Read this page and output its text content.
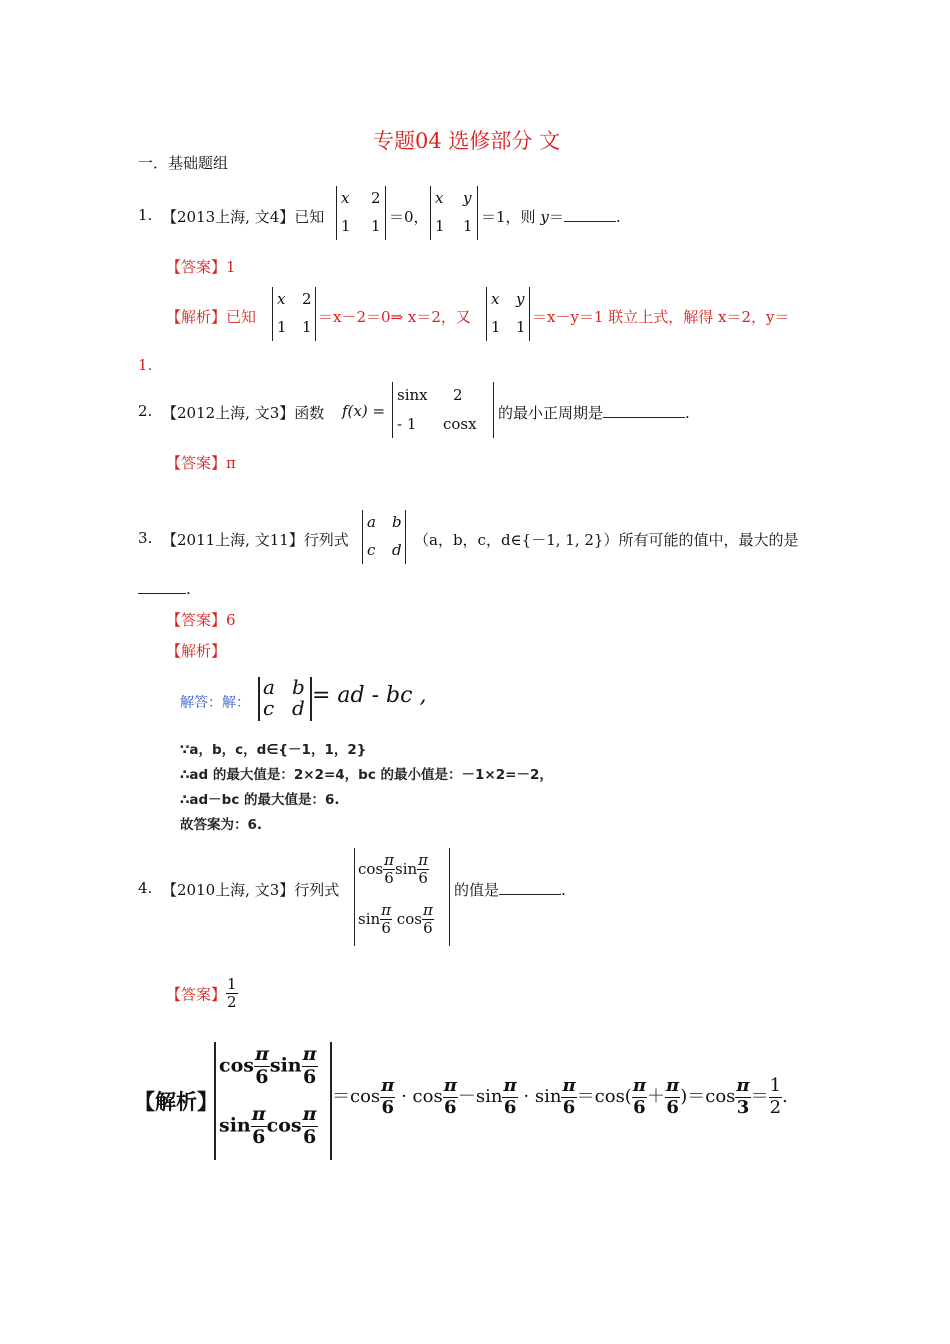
专题04 选修部分 文
一．基础题组
1. 【2013上海, 文4】已知
x 2
1 1 ＝0，
x y
1 1 ＝1，则 y＝	.
【答案】1
【解析】已知
x 2
1 1
＝x－2＝0⇒ x＝2，又
x y
1 1
＝x－y＝1 联立上式，解得 x＝2，y＝
1.
2. 【2012上海, 文3】函数 f(x) =
sinx 2
- 1 cosx
的最小正周期是	.
【答案】π
3. 【2011上海, 文11】行列式
a b
c d
（a，b，c，d∈{－1, 1, 2}）所有可能的值中，最大的是
.
【答案】6
【解析】
解答：解：
a b
c d = ad - bc ,
∵a，b，c，d∈{－1，1，2}
∴ad 的最大值是：2×2=4，bc 的最小值是：－1×2=－2，
∴ad－bc 的最大值是：6.
故答案为：6.
4. 【2010上海, 文3】行列式
$\cos \frac{\pi}{6}$ $\sin \frac{\pi}{6}$
$\sin \frac{\pi}{6}$ $\cos \frac{\pi}{6}$
的值是	.
【答案】 $\frac{1}{2}$
【解析】
$\cos \frac{\pi}{6}$ $\sin \frac{\pi}{6}$
$\sin \frac{\pi}{6}$ $\cos \frac{\pi}{6}$
$=\cos \frac{\pi}{6} \cdot \cos \frac{\pi}{6} -\sin \frac{\pi}{6} \cdot \sin \frac{\pi}{6} =\cos( \frac{\pi}{6} + \frac{\pi}{6} )=\cos \frac{\pi}{3} = \frac{1}{2}$ .
